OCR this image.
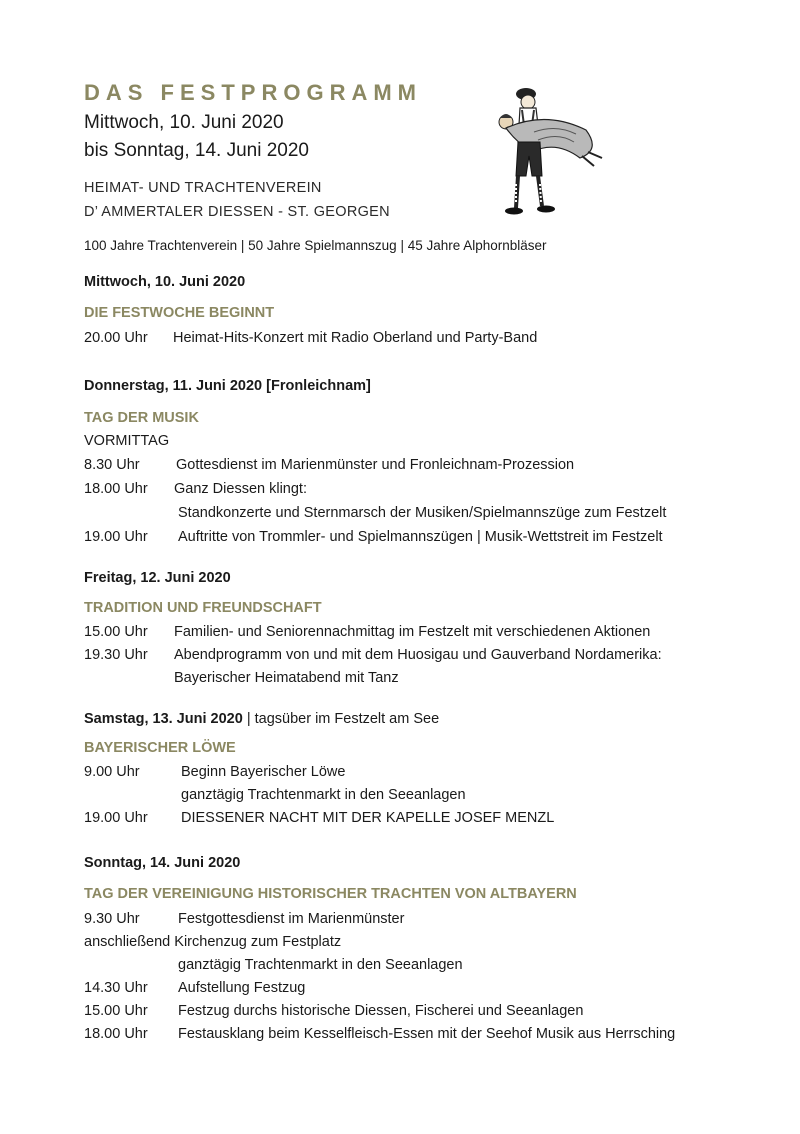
DAS FESTPROGRAMM
Mittwoch, 10. Juni 2020
bis Sonntag, 14. Juni 2020
HEIMAT- UND TRACHTENVEREIN
D’ AMMERTALER DIESSEN - ST. GEORGEN
100 Jahre Trachtenverein | 50 Jahre Spielmannszug | 45 Jahre Alphornbläser
Mittwoch, 10. Juni 2020
DIE FESTWOCHE BEGINNT
20.00 Uhr Heimat-Hits-Konzert mit Radio Oberland und Party-Band
Donnerstag, 11. Juni 2020 [Fronleichnam]
TAG DER MUSIK
VORMITTAG
8.30 Uhr	Gottesdienst im Marienmünster und Fronleichnam-Prozession
18.00 Uhr Ganz Diessen klingt:
Standkonzerte und Sternmarsch der Musiken/Spielmannszüge zum Festzelt
19.00 Uhr Auftritte von Trommler- und Spielmannszügen | Musik-Wettstreit im Festzelt
Freitag, 12. Juni 2020
TRADITION UND FREUNDSCHAFT
15.00 Uhr Familien- und Seniorennachmittag im Festzelt mit verschiedenen Aktionen
19.30 Uhr Abendprogramm von und mit dem Huosigau und Gauverband Nordamerika:
Bayerischer Heimatabend mit Tanz
Samstag, 13. Juni 2020 | tagsüber im Festzelt am See
BAYERISCHER LÖWE
9.00 Uhr	Beginn Bayerischer Löwe
ganztägig Trachtenmarkt in den Seeanlagen
19.00 Uhr DIESSENER NACHT MIT DER KAPELLE JOSEF MENZL
Sonntag, 14. Juni 2020
TAG DER VEREINIGUNG HISTORISCHER TRACHTEN VON ALTBAYERN
9.30 Uhr	Festgottesdienst im Marienmünster
anschließend Kirchenzug zum Festplatz
ganztägig Trachtenmarkt in den Seeanlagen
14.30 Uhr Aufstellung Festzug
15.00 Uhr Festzug durchs historische Diessen, Fischerei und Seeanlagen
18.00 Uhr Festausklang beim Kesselfleisch-Essen mit der Seehof Musik aus Herrsching
